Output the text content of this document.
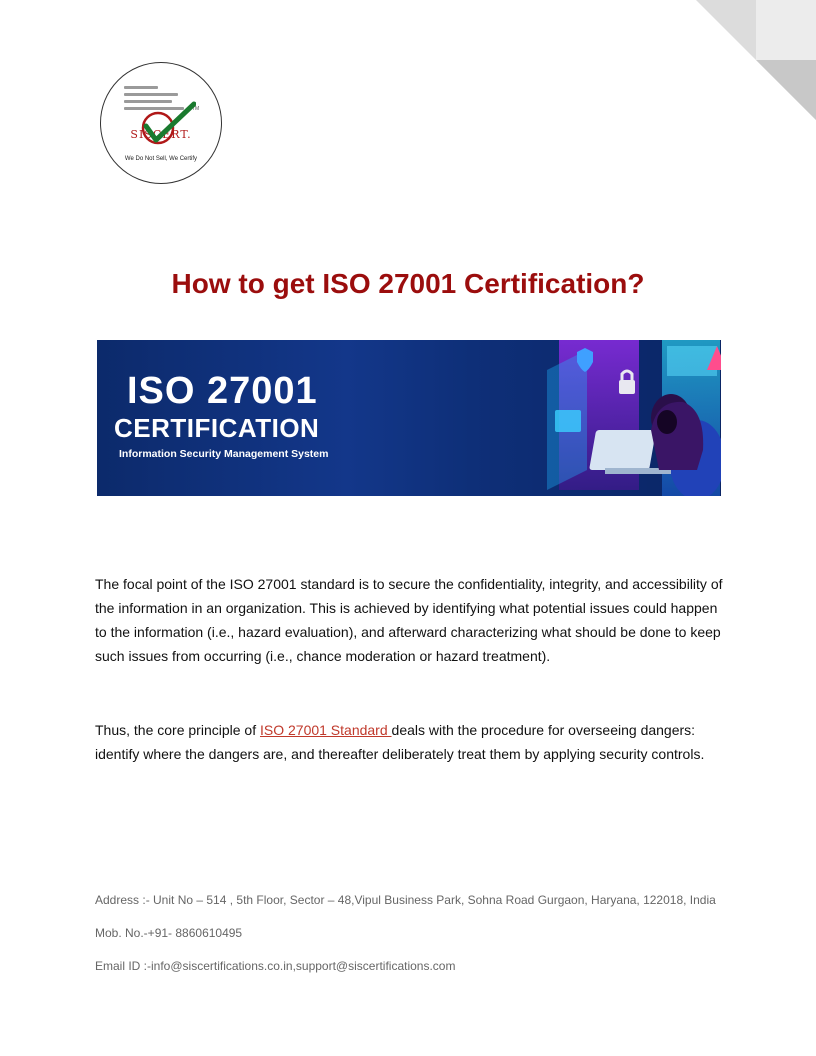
SISCERT.
TM
We Do Not Sell, We Certify
How to get ISO 27001 Certification?
ISO 27001
CERTIFICATION
Information Security Management System

The focal point of the ISO 27001 standard is to secure the confidentiality, integrity, and accessibility of the information in an organization. This is achieved by identifying what potential issues could happen to the information (i.e., hazard evaluation), and afterward characterizing what should be done to keep such issues from occurring (i.e., chance moderation or hazard treatment).

Thus, the core principle of ISO 27001 Standard deals with the procedure for overseeing dangers: identify where the dangers are, and thereafter deliberately treat them by applying security controls.

Address :- Unit No – 514 , 5th Floor, Sector – 48,Vipul Business Park, Sohna Road Gurgaon, Haryana, 122018, India
Mob. No.-+91- 8860610495
Email ID :-info@siscertifications.co.in,support@siscertifications.com
